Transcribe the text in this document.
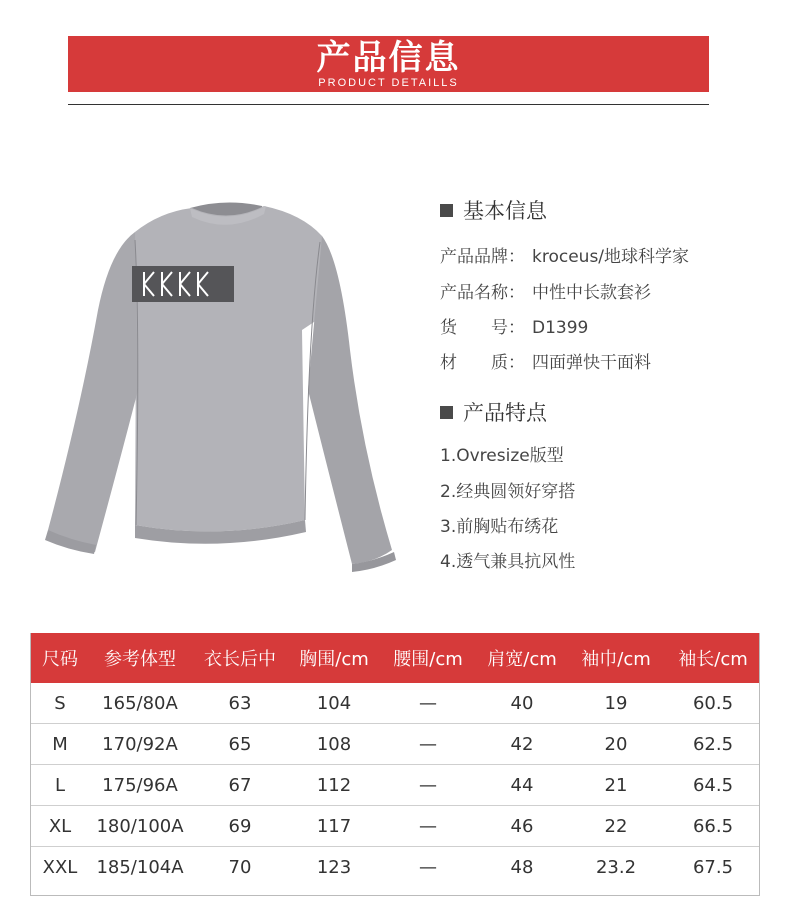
产品信息
PRODUCT DETAILLS
基本信息
产品品牌： kroceus/地球科学家
产品名称： 中性中长款套衫
货　　号： D1399
材　　质： 四面弹快干面料
产品特点
1.Ovresize版型
2.经典圆领好穿搭
3.前胸贴布绣花
4.透气兼具抗风性
尺码	参考体型	衣长后中	胸围/cm	腰围/cm	肩宽/cm	袖巾/cm	袖长/cm
S	165/80A	63	104	—	40	19	60.5
M	170/92A	65	108	—	42	20	62.5
L	175/96A	67	112	—	44	21	64.5
XL	180/100A	69	117	—	46	22	66.5
XXL	185/104A	70	123	—	48	23.2	67.5
